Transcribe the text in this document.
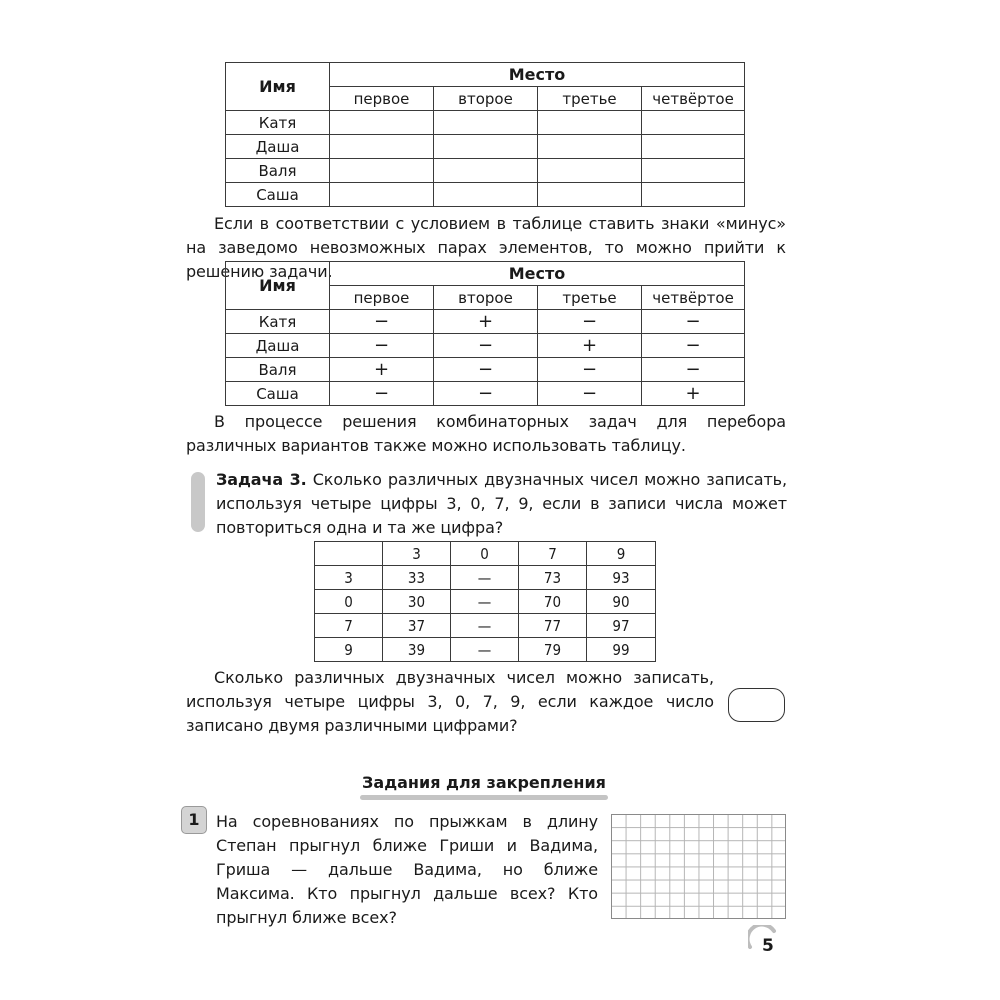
Имя	Место			
	первое	второе	третье	четвёртое
Катя				
Даша				
Валя				
Саша				
Если в соответствии с условием в таблице ставить знаки «минус» на заведомо невозможных парах элементов, то можно прийти к решению задачи.
Имя	Место			
	первое	второе	третье	четвёртое
Катя	−	+	−	−
Даша	−	−	+	−
Валя	+	−	−	−
Саша	−	−	−	+
В процессе решения комбинаторных задач для перебора различных вариантов также можно использовать таблицу.
Задача 3. Сколько различных двузначных чисел можно записать, используя четыре цифры 3, 0, 7, 9, если в записи числа может повториться одна и та же цифра?
	3	0	7	9
3	33	—	73	93
0	30	—	70	90
7	37	—	77	97
9	39	—	79	99
Сколько различных двузначных чисел можно записать, используя четыре цифры 3, 0, 7, 9, если каждое число записано двумя различными цифрами?
Задания для закрепления
1	На соревнованиях по прыжкам в длину Степан прыгнул ближе Гриши и Вадима, Гриша — дальше Вадима, но ближе Максима. Кто прыгнул дальше всех? Кто прыгнул ближе всех?
5
